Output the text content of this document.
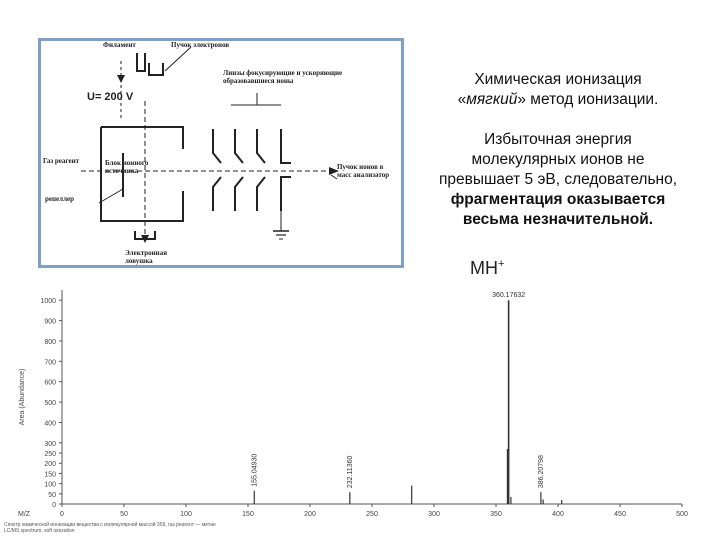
Филамент	Пучок электронов
U= 200 V
Линзы фокусирующие и ускоряющие образовавшиеся ионы
Газ реагент	Блок ионного источника
репеллер
Электронная ловушка
Пучок ионов в масс анализатор

Химическая ионизация

«мягкий» метод ионизации.

Избыточная энергия

молекулярных ионов не

превышает 5 эВ, следовательно,

фрагментация оказывается

весьма незначительной.

MH+
0
50
100
150
200
250
300
400
500
600
700
800
900
1000
0	50	100	150	200	250	300	350	400	450	500
M/Z
Area (Abundance)
155.04930	232.11360
360.17632
386.20798
Спектр химической ионизации вещества с молекулярной массой 359, газ реагент — метан
LC/MS spectrum, soft ionization
